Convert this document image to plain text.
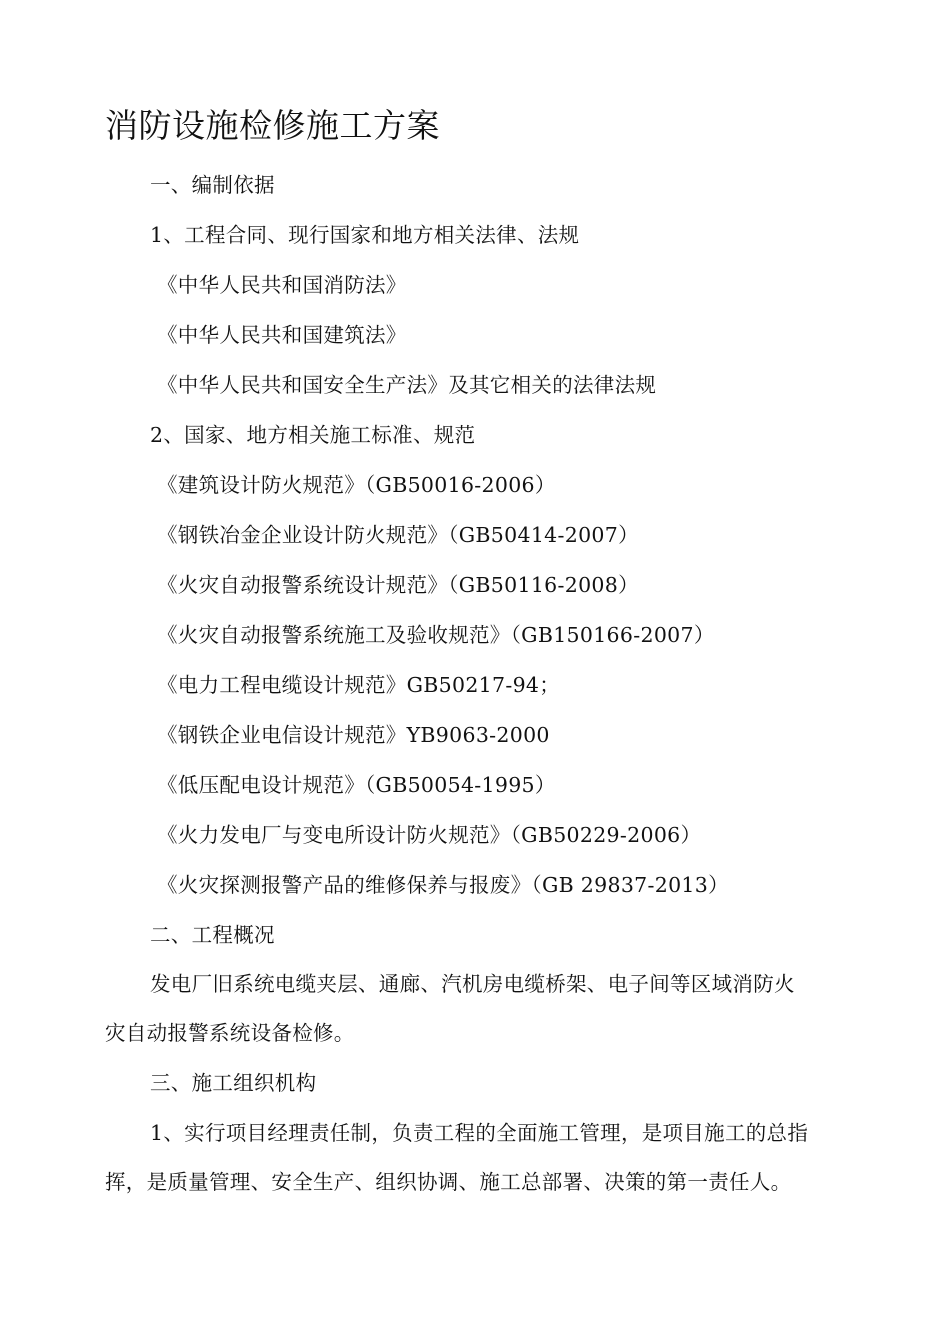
消防设施检修施工方案
一、编制依据
1、工程合同、现行国家和地方相关法律、法规
《中华人民共和国消防法》
《中华人民共和国建筑法》
《中华人民共和国安全生产法》及其它相关的法律法规
2、国家、地方相关施工标准、规范
《建筑设计防火规范》（GB50016-2006）
《钢铁冶金企业设计防火规范》（GB50414-2007）
《火灾自动报警系统设计规范》（GB50116-2008）
《火灾自动报警系统施工及验收规范》（GB150166-2007）
《电力工程电缆设计规范》GB50217-94；
《钢铁企业电信设计规范》YB9063-2000
《低压配电设计规范》（GB50054-1995）
《火力发电厂与变电所设计防火规范》（GB50229-2006）
《火灾探测报警产品的维修保养与报废》（GB 29837-2013）
二、工程概况
发电厂旧系统电缆夹层、通廊、汽机房电缆桥架、电子间等区域消防火
灾自动报警系统设备检修。
三、施工组织机构
1、实行项目经理责任制，负责工程的全面施工管理，是项目施工的总指
挥，是质量管理、安全生产、组织协调、施工总部署、决策的第一责任人。
